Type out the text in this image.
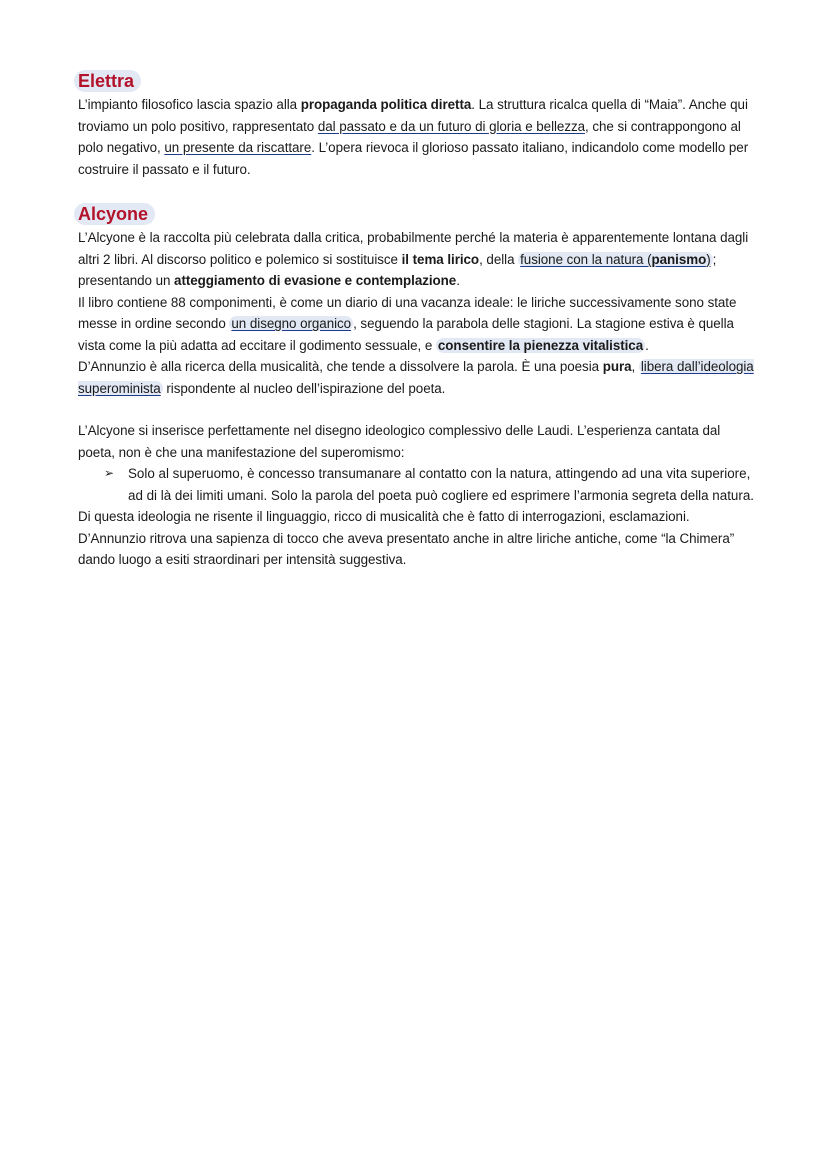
Elettra

L’impianto filosofico lascia spazio alla propaganda politica diretta. La struttura ricalca quella di “Maia”. Anche qui troviamo un polo positivo, rappresentato dal passato e da un futuro di gloria e bellezza, che si contrappongono al polo negativo, un presente da riscattare. L’opera rievoca il glorioso passato italiano, indicandolo come modello per costruire il passato e il futuro.

Alcyone

L’Alcyone è la raccolta più celebrata dalla critica, probabilmente perché la materia è apparentemente lontana dagli altri 2 libri. Al discorso politico e polemico si sostituisce il tema lirico, della fusione con la natura (panismo) ; presentando un atteggiamento di evasione e contemplazione.

Il libro contiene 88 componimenti, è come un diario di una vacanza ideale: le liriche successivamente sono state messe in ordine secondo un disegno organico , seguendo la parabola delle stagioni. La stagione estiva è quella vista come la più adatta ad eccitare il godimento sessuale, e consentire la pienezza vitalistica .

D’Annunzio è alla ricerca della musicalità, che tende a dissolvere la parola. È una poesia pura, libera dall’ideologia superominista rispondente al nucleo dell’ispirazione del poeta.

L’Alcyone si inserisce perfettamente nel disegno ideologico complessivo delle Laudi. L’esperienza cantata dal poeta, non è che una manifestazione del superomismo:

➢ Solo al superuomo, è concesso transumanare al contatto con la natura, attingendo ad una vita superiore, ad di là dei limiti umani. Solo la parola del poeta può cogliere ed esprimere l’armonia segreta della natura.

Di questa ideologia ne risente il linguaggio, ricco di musicalità che è fatto di interrogazioni, esclamazioni. D’Annunzio ritrova una sapienza di tocco che aveva presentato anche in altre liriche antiche, come “la Chimera” dando luogo a esiti straordinari per intensità suggestiva.
